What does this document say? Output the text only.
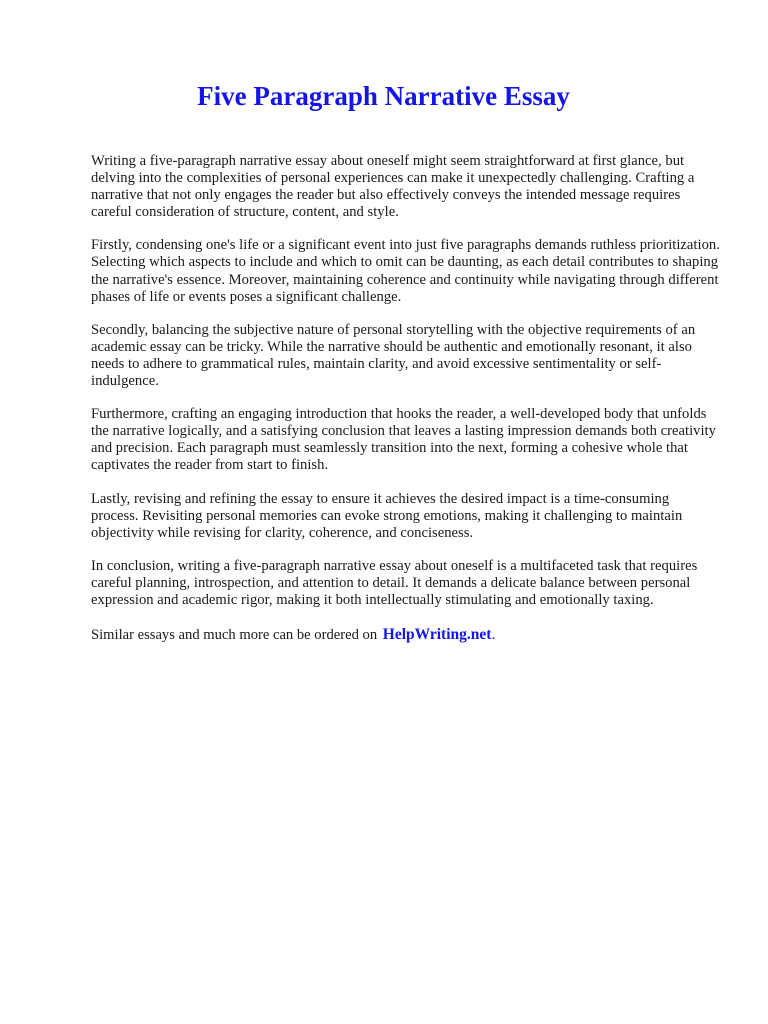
Five Paragraph Narrative Essay

Writing a five-paragraph narrative essay about oneself might seem straightforward at first glance, but delving into the complexities of personal experiences can make it unexpectedly challenging. Crafting a narrative that not only engages the reader but also effectively conveys the intended message requires careful consideration of structure, content, and style.

Firstly, condensing one's life or a significant event into just five paragraphs demands ruthless prioritization. Selecting which aspects to include and which to omit can be daunting, as each detail contributes to shaping the narrative's essence. Moreover, maintaining coherence and continuity while navigating through different phases of life or events poses a significant challenge.

Secondly, balancing the subjective nature of personal storytelling with the objective requirements of an academic essay can be tricky. While the narrative should be authentic and emotionally resonant, it also needs to adhere to grammatical rules, maintain clarity, and avoid excessive sentimentality or self-indulgence.

Furthermore, crafting an engaging introduction that hooks the reader, a well-developed body that unfolds the narrative logically, and a satisfying conclusion that leaves a lasting impression demands both creativity and precision. Each paragraph must seamlessly transition into the next, forming a cohesive whole that captivates the reader from start to finish.

Lastly, revising and refining the essay to ensure it achieves the desired impact is a time-consuming process. Revisiting personal memories can evoke strong emotions, making it challenging to maintain objectivity while revising for clarity, coherence, and conciseness.

In conclusion, writing a five-paragraph narrative essay about oneself is a multifaceted task that requires careful planning, introspection, and attention to detail. It demands a delicate balance between personal expression and academic rigor, making it both intellectually stimulating and emotionally taxing.

Similar essays and much more can be ordered on HelpWriting.net.
